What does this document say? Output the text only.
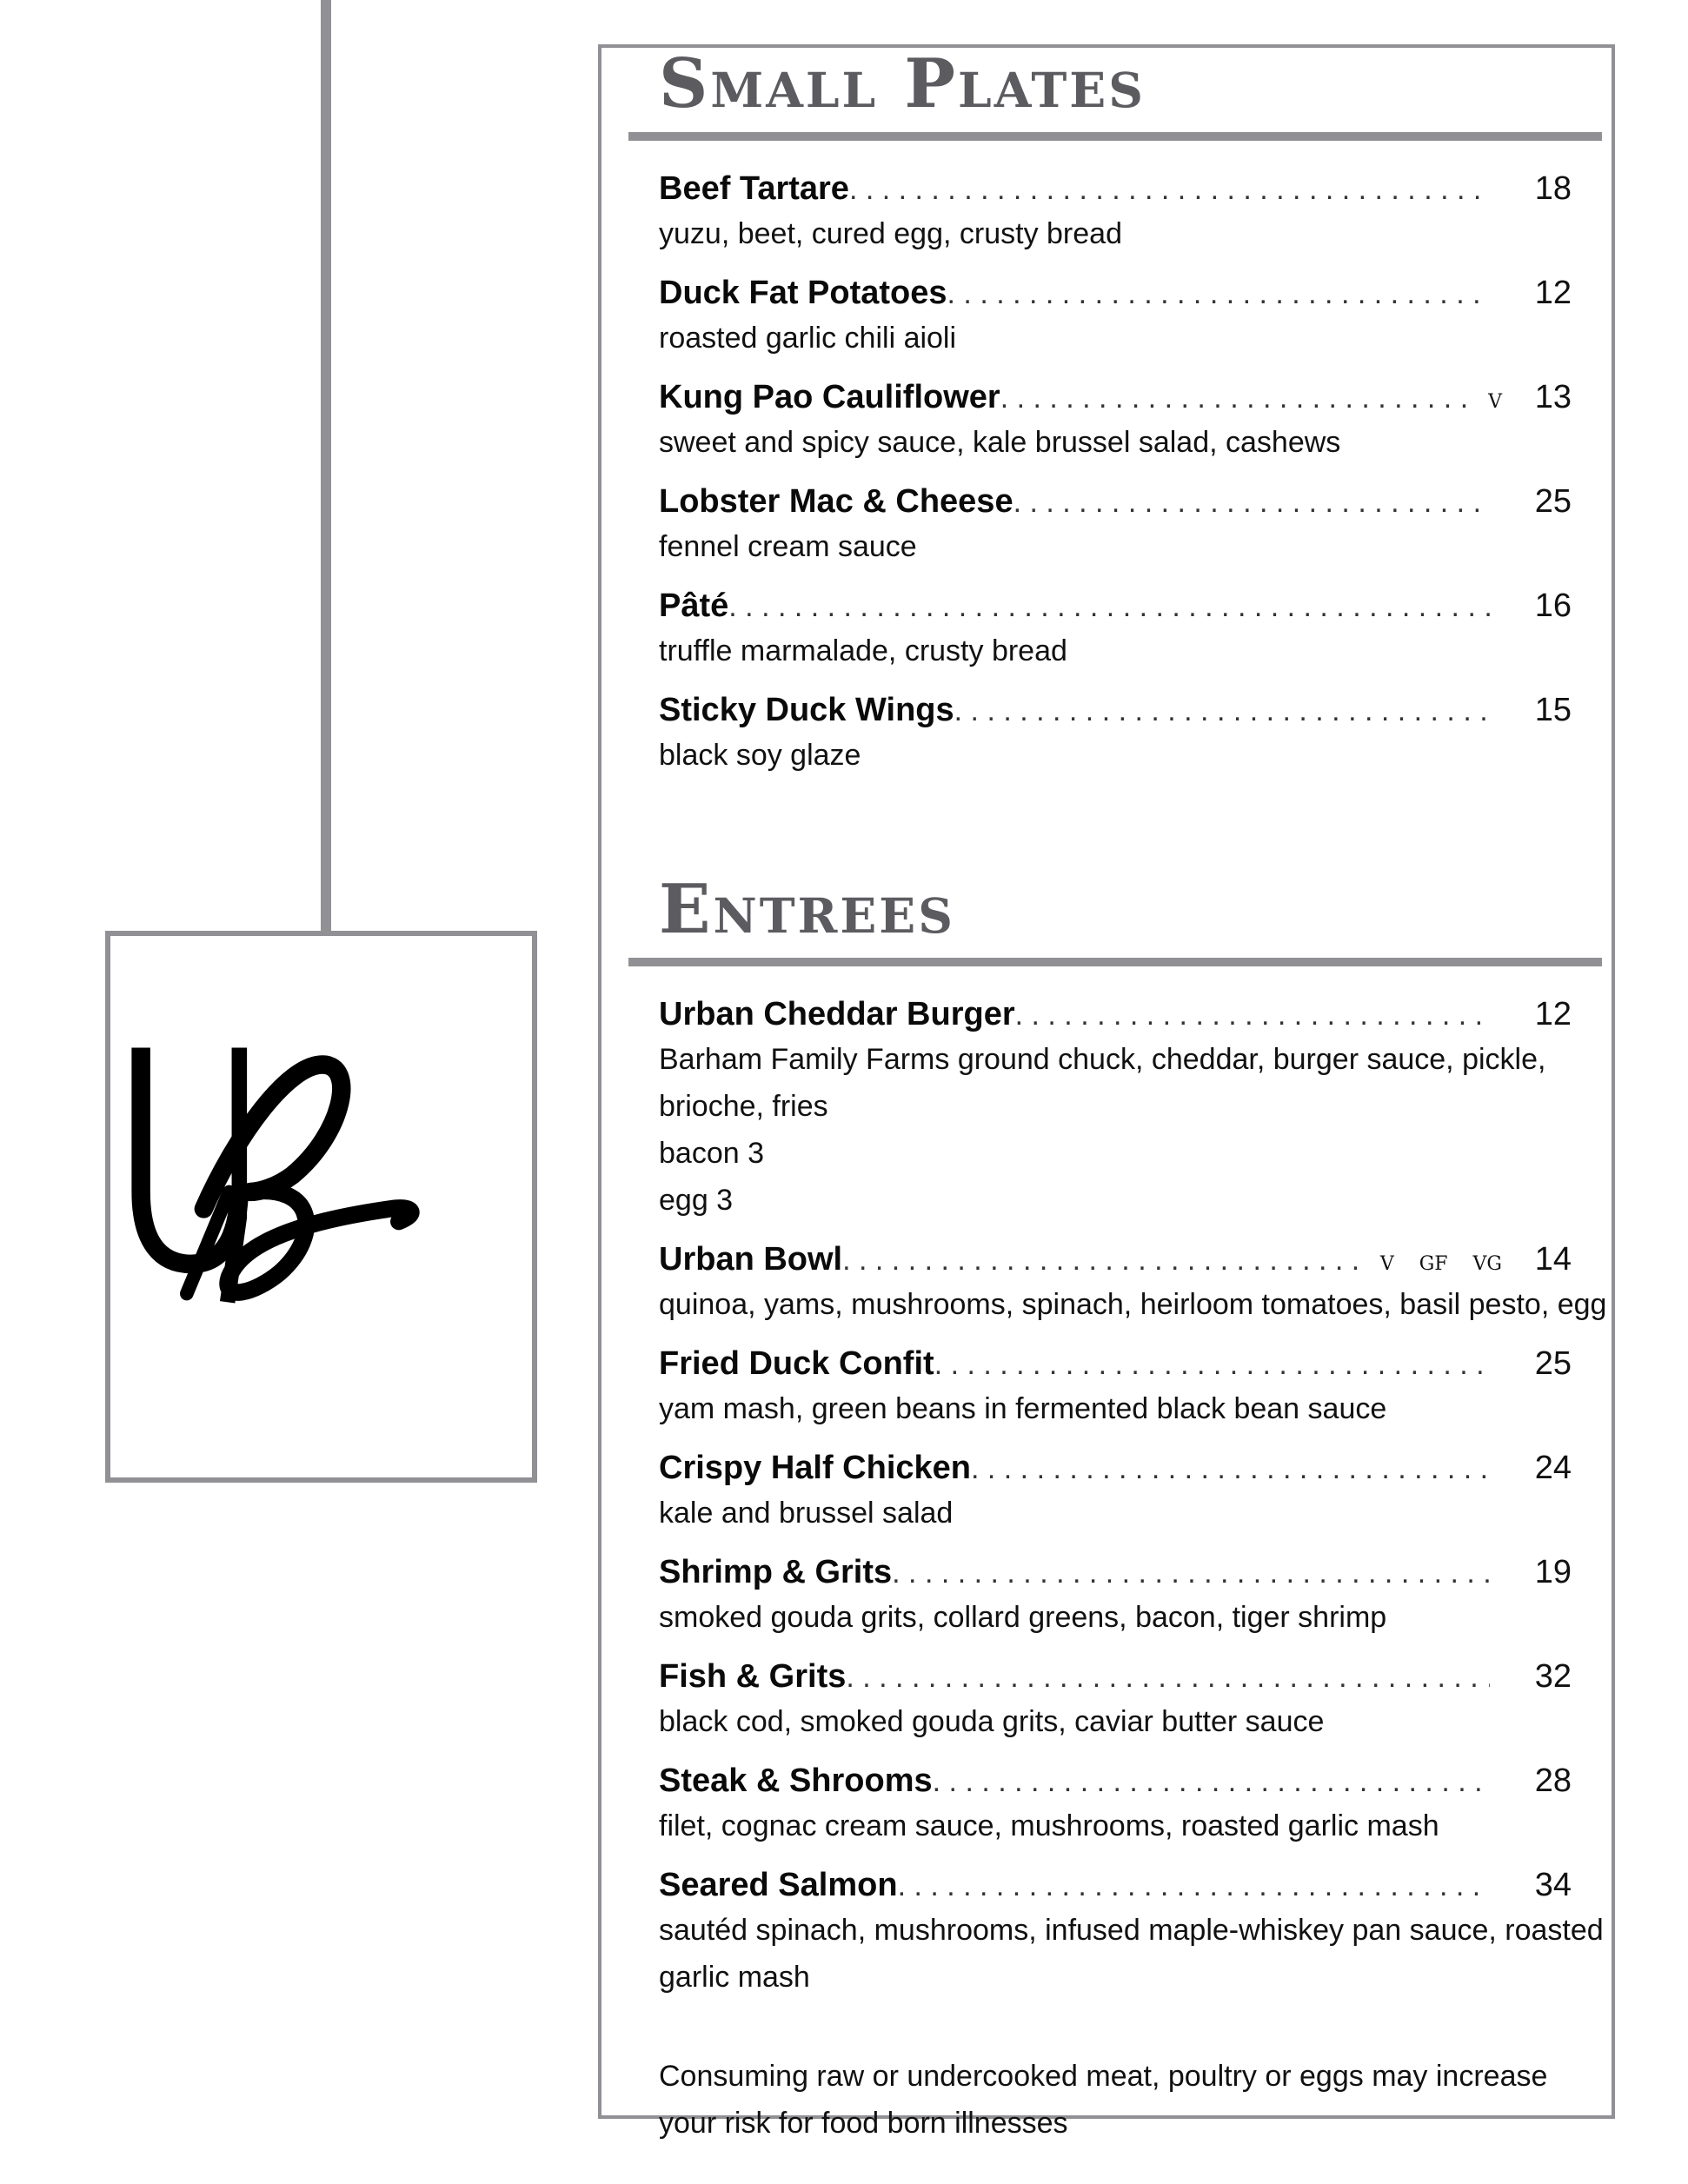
Small Plates
Beef Tartare . . .	18
yuzu, beet, cured egg, crusty bread
Duck Fat Potatoes . . .	12
roasted garlic chili aioli
Kung Pao Cauliflower . . .	V 13
sweet and spicy sauce, kale brussel salad, cashews
Lobster Mac & Cheese . . .	25
fennel cream sauce
Pâté . . .	16
truffle marmalade, crusty bread
Sticky Duck Wings . . .	15
black soy glaze
Entrees
Urban Cheddar Burger . . .	12
Barham Family Farms ground chuck, cheddar, burger sauce, pickle,
brioche, fries
bacon 3
egg 3
Urban Bowl . . .	V GF VG 14
quinoa, yams, mushrooms, spinach, heirloom tomatoes, basil pesto, egg
Fried Duck Confit . . .	25
yam mash, green beans in fermented black bean sauce
Crispy Half Chicken . . .	24
kale and brussel salad
Shrimp & Grits . . .	19
smoked gouda grits, collard greens, bacon, tiger shrimp
Fish & Grits . . .	32
black cod, smoked gouda grits, caviar butter sauce
Steak & Shrooms . . .	28
filet, cognac cream sauce, mushrooms, roasted garlic mash
Seared Salmon . . .	34
sautéd spinach, mushrooms, infused maple-whiskey pan sauce, roasted
garlic mash
Consuming raw or undercooked meat, poultry or eggs may increase
your risk for food born illnesses
